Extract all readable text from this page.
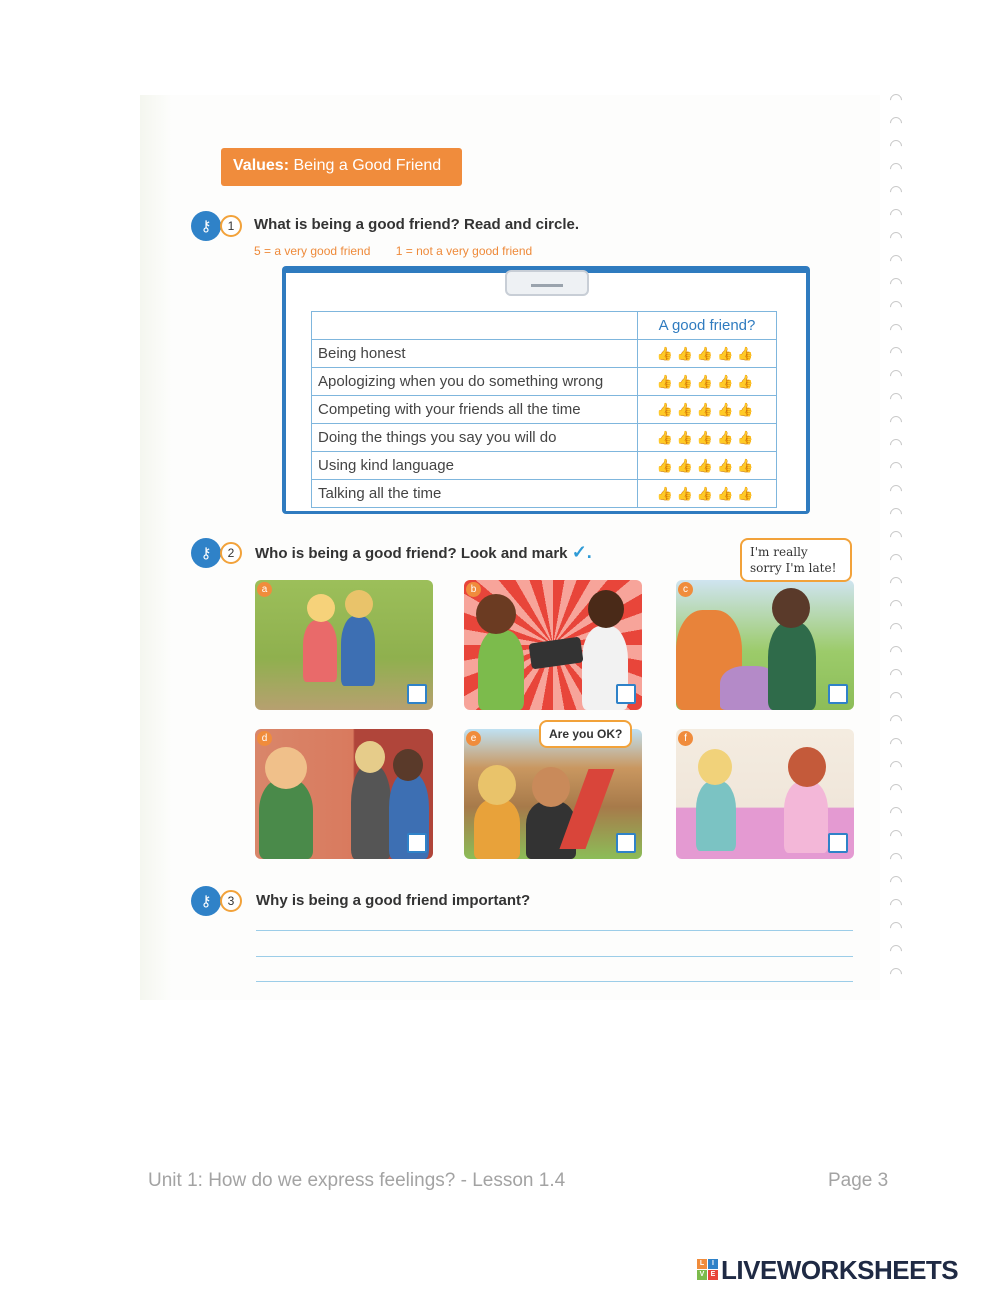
Values: Being a Good Friend
⚷	1	What is being a good friend? Read and circle.
5 = a very good friend 1 = not a very good friend
	A good friend?
Being honest	👍👍👍👍👍
Apologizing when you do something wrong	👍👍👍👍👍
Competing with your friends all the time	👍👍👍👍👍
Doing the things you say you will do	👍👍👍👍👍
Using kind language	👍👍👍👍👍
Talking all the time	👍👍👍👍👍
⚷	2	Who is being a good friend? Look and mark ✓.
a	b	c
d	e	f
I'm really sorry I'm late!
Are you OK?
⚷	3	Why is being a good friend important?
Unit 1: How do we express feelings? - Lesson 1.4	Page 3
L	I
V E LIVEWORKSHEETS
